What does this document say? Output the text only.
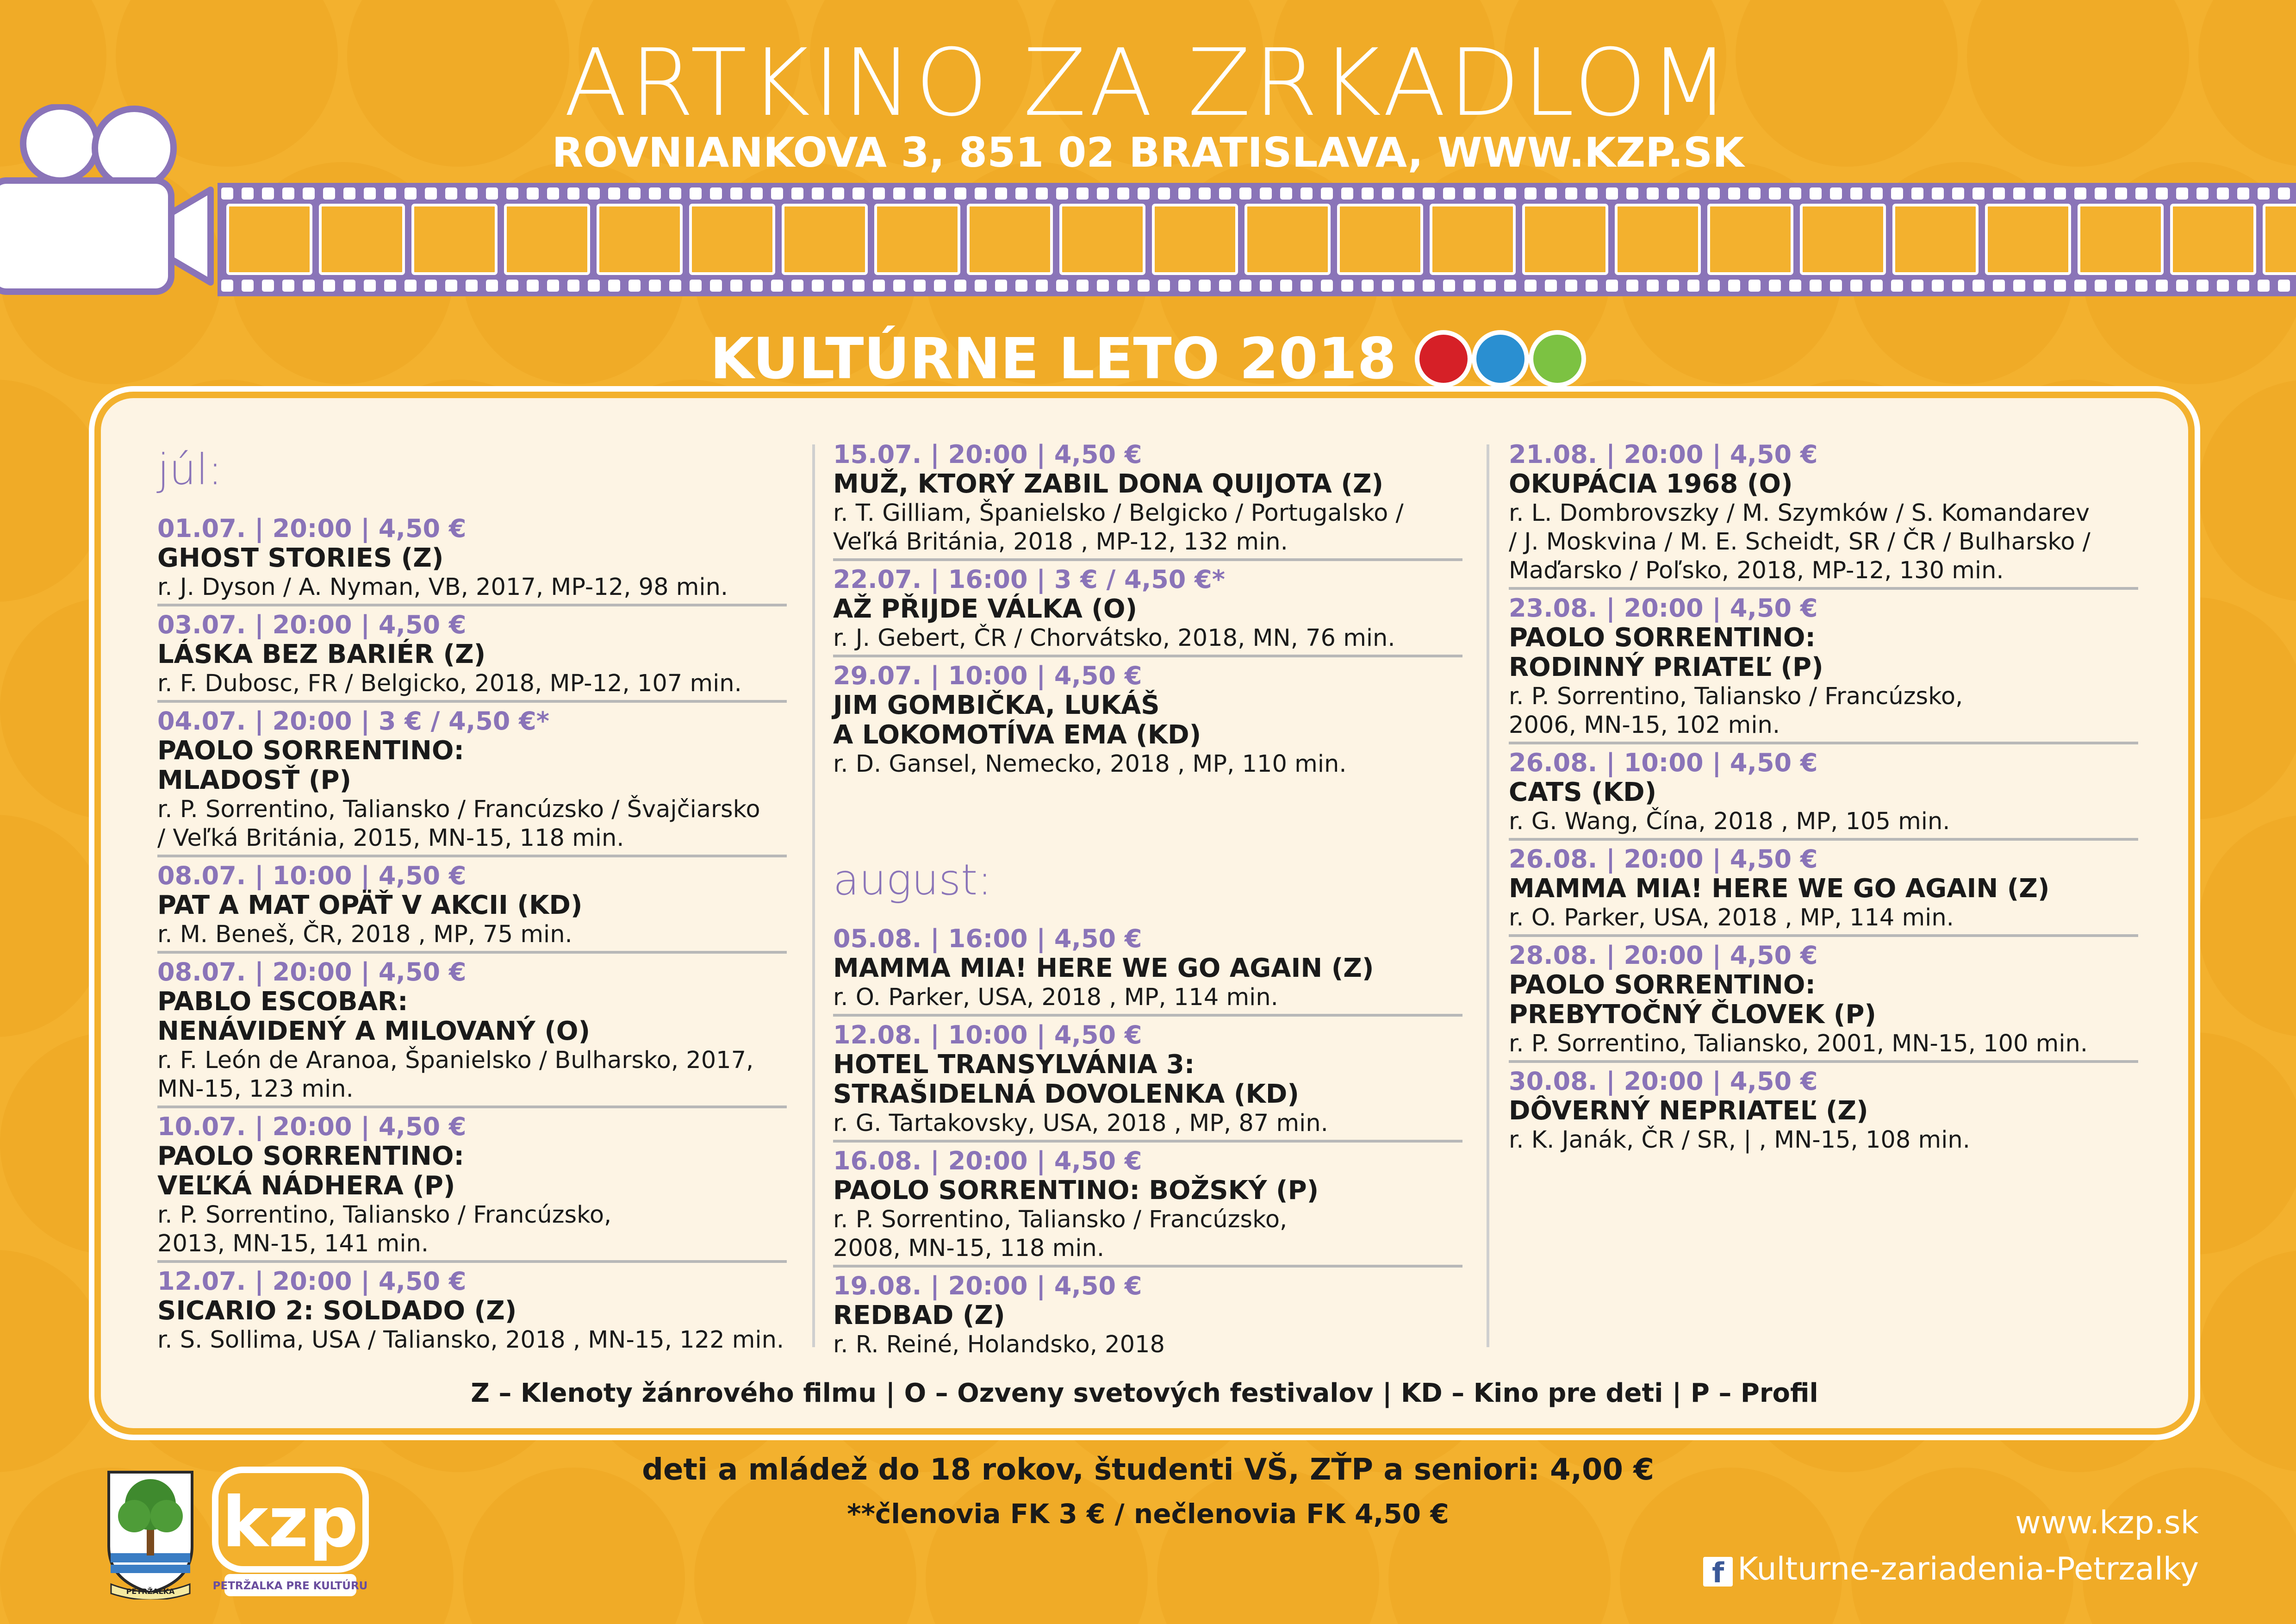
ARTKINO ZA ZRKADLOM

ROVNIANKOVA 3, 851 02 BRATISLAVA, WWW.KZP.SK

KULTÚRNE LETO 2018
júl:
01.07. | 20:00 | 4,50 €
GHOST STORIES (Z)
r. J. Dyson / A. Nyman, VB, 2017, MP-12, 98 min.
03.07. | 20:00 | 4,50 €
LÁSKA BEZ BARIÉR (Z)
r. F. Dubosc, FR / Belgicko, 2018, MP-12, 107 min.
04.07. | 20:00 | 3 € / 4,50 €*
PAOLO SORRENTINO:
MLADOSŤ (P)
r. P. Sorrentino, Taliansko / Francúzsko / Švajčiarsko
/ Veľká Británia, 2015, MN-15, 118 min.
08.07. | 10:00 | 4,50 €
PAT A MAT OPÄŤ V AKCII (KD)
r. M. Beneš, ČR, 2018 , MP, 75 min.
08.07. | 20:00 | 4,50 €
PABLO ESCOBAR:
NENÁVIDENÝ A MILOVANÝ (O)
r. F. León de Aranoa, Španielsko / Bulharsko, 2017,
MN-15, 123 min.
10.07. | 20:00 | 4,50 €
PAOLO SORRENTINO:
VEĽKÁ NÁDHERA (P)
r. P. Sorrentino, Taliansko / Francúzsko,
2013, MN-15, 141 min.
12.07. | 20:00 | 4,50 €
SICARIO 2: SOLDADO (Z)
r. S. Sollima, USA / Taliansko, 2018 , MN-15, 122 min.
15.07. | 20:00 | 4,50 €
MUŽ, KTORÝ ZABIL DONA QUIJOTA (Z)
r. T. Gilliam, Španielsko / Belgicko / Portugalsko /
Veľká Británia, 2018 , MP-12, 132 min.
22.07. | 16:00 | 3 € / 4,50 €*
AŽ PŘIJDE VÁLKA (O)
r. J. Gebert, ČR / Chorvátsko, 2018, MN, 76 min.
29.07. | 10:00 | 4,50 €
JIM GOMBIČKA, LUKÁŠ
A LOKOMOTÍVA EMA (KD)
r. D. Gansel, Nemecko, 2018 , MP, 110 min.
august:
05.08. | 16:00 | 4,50 €
MAMMA MIA! HERE WE GO AGAIN (Z)
r. O. Parker, USA, 2018 , MP, 114 min.
12.08. | 10:00 | 4,50 €
HOTEL TRANSYLVÁNIA 3:
STRAŠIDELNÁ DOVOLENKA (KD)
r. G. Tartakovsky, USA, 2018 , MP, 87 min.
16.08. | 20:00 | 4,50 €
PAOLO SORRENTINO: BOŽSKÝ (P)
r. P. Sorrentino, Taliansko / Francúzsko,
2008, MN-15, 118 min.
19.08. | 20:00 | 4,50 €
REDBAD (Z)
r. R. Reiné, Holandsko, 2018
21.08. | 20:00 | 4,50 €
OKUPÁCIA 1968 (O)
r. L. Dombrovszky / M. Szymków / S. Komandarev
/ J. Moskvina / M. E. Scheidt, SR / ČR / Bulharsko /
Maďarsko / Poľsko, 2018, MP-12, 130 min.
23.08. | 20:00 | 4,50 €
PAOLO SORRENTINO:
RODINNÝ PRIATEĽ (P)
r. P. Sorrentino, Taliansko / Francúzsko,
2006, MN-15, 102 min.
26.08. | 10:00 | 4,50 €
CATS (KD)
r. G. Wang, Čína, 2018 , MP, 105 min.
26.08. | 20:00 | 4,50 €
MAMMA MIA! HERE WE GO AGAIN (Z)
r. O. Parker, USA, 2018 , MP, 114 min.
28.08. | 20:00 | 4,50 €
PAOLO SORRENTINO:
PREBYTOČNÝ ČLOVEK (P)
r. P. Sorrentino, Taliansko, 2001, MN-15, 100 min.
30.08. | 20:00 | 4,50 €
DÔVERNÝ NEPRIATEĽ (Z)
r. K. Janák, ČR / SR, | , MN-15, 108 min.
Z – Klenoty žánrového filmu | O – Ozveny svetových festivalov | KD – Kino pre deti | P – Profil
deti a mládež do 18 rokov, študenti VŠ, ZŤP a seniori: 4,00 €
**členovia FK 3 € / nečlenovia FK 4,50 €
PETRŽALKA
kzp
PETRŽALKA PRE KULTÚRU
www.kzp.sk
f Kulturne-zariadenia-Petrzalky
